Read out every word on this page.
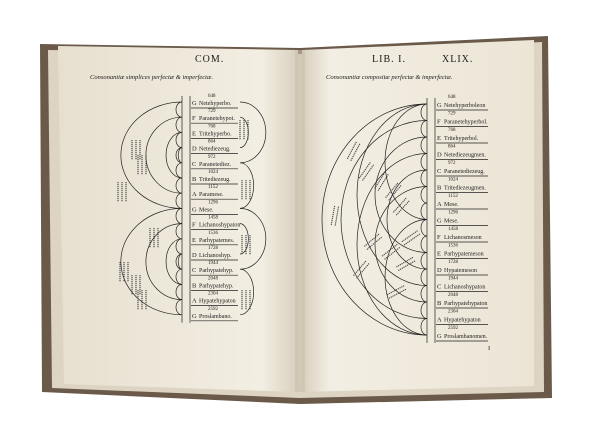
COM.
Consonantiæ simplices perfectæ & imperfectæ.
648
G Netehyperbo.
729
F Paranetehypot.
768
E Tritehyperbo.
864
D Netediezeug.
972
C Paranetediez.
1024
B Tritediezeug.
1152
A Paramese.
1296
G Mese.
1458
F Lichanoshypaton
1536
E Parhypatemes.
1728
D Lichanoshyp.
1944
C Parhypatehyp.
2048
B Parhypatehyp.
2304
A Hypatehypaton
2592
G Proslambano.
LIB. I.	XLIX.
Consonantiæ compositæ perfectæ & imperfectæ.
648
G Netehyperboleon
729
F Paranetehyperbol.
768
E Tritehyperbol.
864
D Netediezeugmen.
972
C Paranetediezeug.
1024
B Tritediezeugmen.
1152
A Mese.
1296
G Mese.
1458
F Lichanosmeson
1536
E Parhypatemeson
1728
D Hypatemeson
1944
C Lichanoshypaton
2048
B Parhypatehypaton
2304
A Hypatehypaton
2592
G Proslambanomen.
I
